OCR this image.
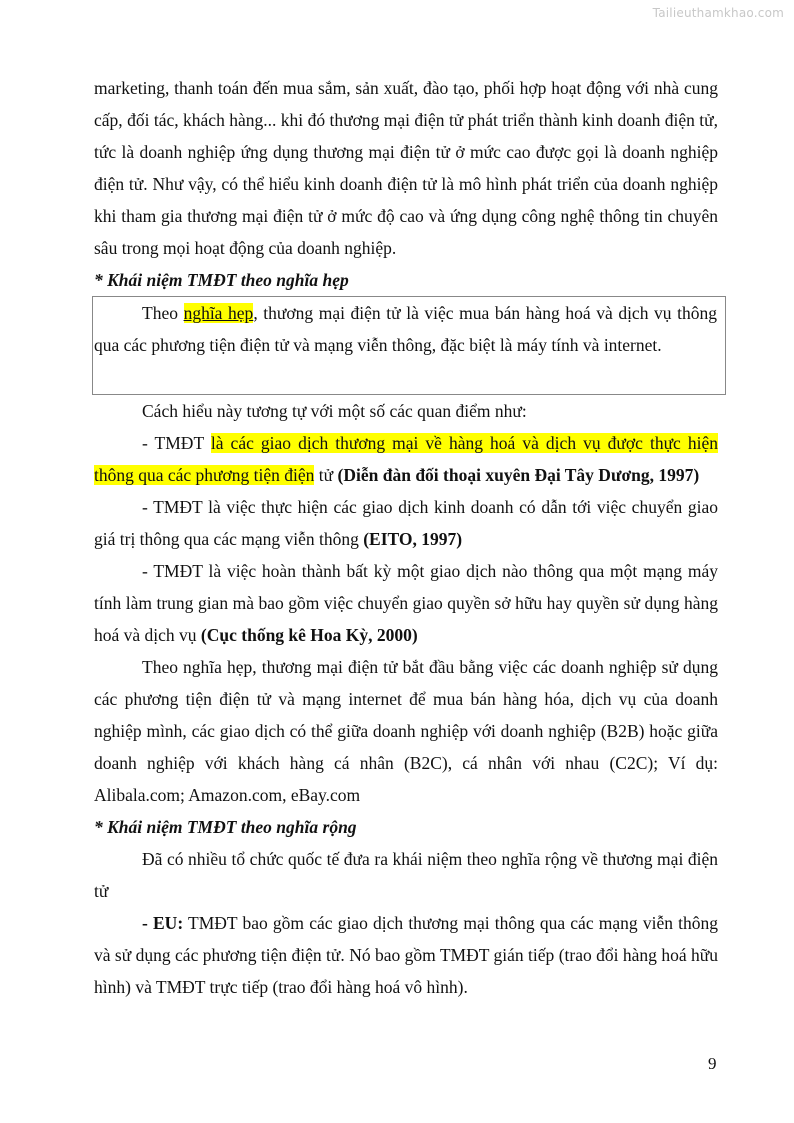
Tailieuthamkhao.com

marketing, thanh toán đến mua sắm, sản xuất, đào tạo, phối hợp hoạt động với nhà cung cấp, đối tác, khách hàng... khi đó thương mại điện tử phát triển thành kinh doanh điện tử, tức là doanh nghiệp ứng dụng thương mại điện tử ở mức cao được gọi là doanh nghiệp điện tử. Như vậy, có thể hiểu kinh doanh điện tử là mô hình phát triển của doanh nghiệp khi tham gia thương mại điện tử ở mức độ cao và ứng dụng công nghệ thông tin chuyên sâu trong mọi hoạt động của doanh nghiệp.

* Khái niệm TMĐT theo nghĩa hẹp

Theo nghĩa hẹp, thương mại điện tử là việc mua bán hàng hoá và dịch vụ thông qua các phương tiện điện tử và mạng viễn thông, đặc biệt là máy tính và internet.

Cách hiểu này tương tự với một số các quan điểm như:

- TMĐT là các giao dịch thương mại về hàng hoá và dịch vụ được thực hiện thông qua các phương tiện điện tử (Diễn đàn đối thoại xuyên Đại Tây Dương, 1997)

- TMĐT là việc thực hiện các giao dịch kinh doanh có dẫn tới việc chuyển giao giá trị thông qua các mạng viễn thông (EITO, 1997)

- TMĐT là việc hoàn thành bất kỳ một giao dịch nào thông qua một mạng máy tính làm trung gian mà bao gồm việc chuyển giao quyền sở hữu hay quyền sử dụng hàng hoá và dịch vụ (Cục thống kê Hoa Kỳ, 2000)

Theo nghĩa hẹp, thương mại điện tử bắt đầu bằng việc các doanh nghiệp sử dụng các phương tiện điện tử và mạng internet để mua bán hàng hóa, dịch vụ của doanh nghiệp mình, các giao dịch có thể giữa doanh nghiệp với doanh nghiệp (B2B) hoặc giữa doanh nghiệp với khách hàng cá nhân (B2C), cá nhân với nhau (C2C); Ví dụ: Alibala.com; Amazon.com, eBay.com

* Khái niệm TMĐT theo nghĩa rộng

Đã có nhiều tổ chức quốc tế đưa ra khái niệm theo nghĩa rộng về thương mại điện tử

- EU: TMĐT bao gồm các giao dịch thương mại thông qua các mạng viễn thông và sử dụng các phương tiện điện tử. Nó bao gồm TMĐT gián tiếp (trao đổi hàng hoá hữu hình) và TMĐT trực tiếp (trao đổi hàng hoá vô hình).

9
